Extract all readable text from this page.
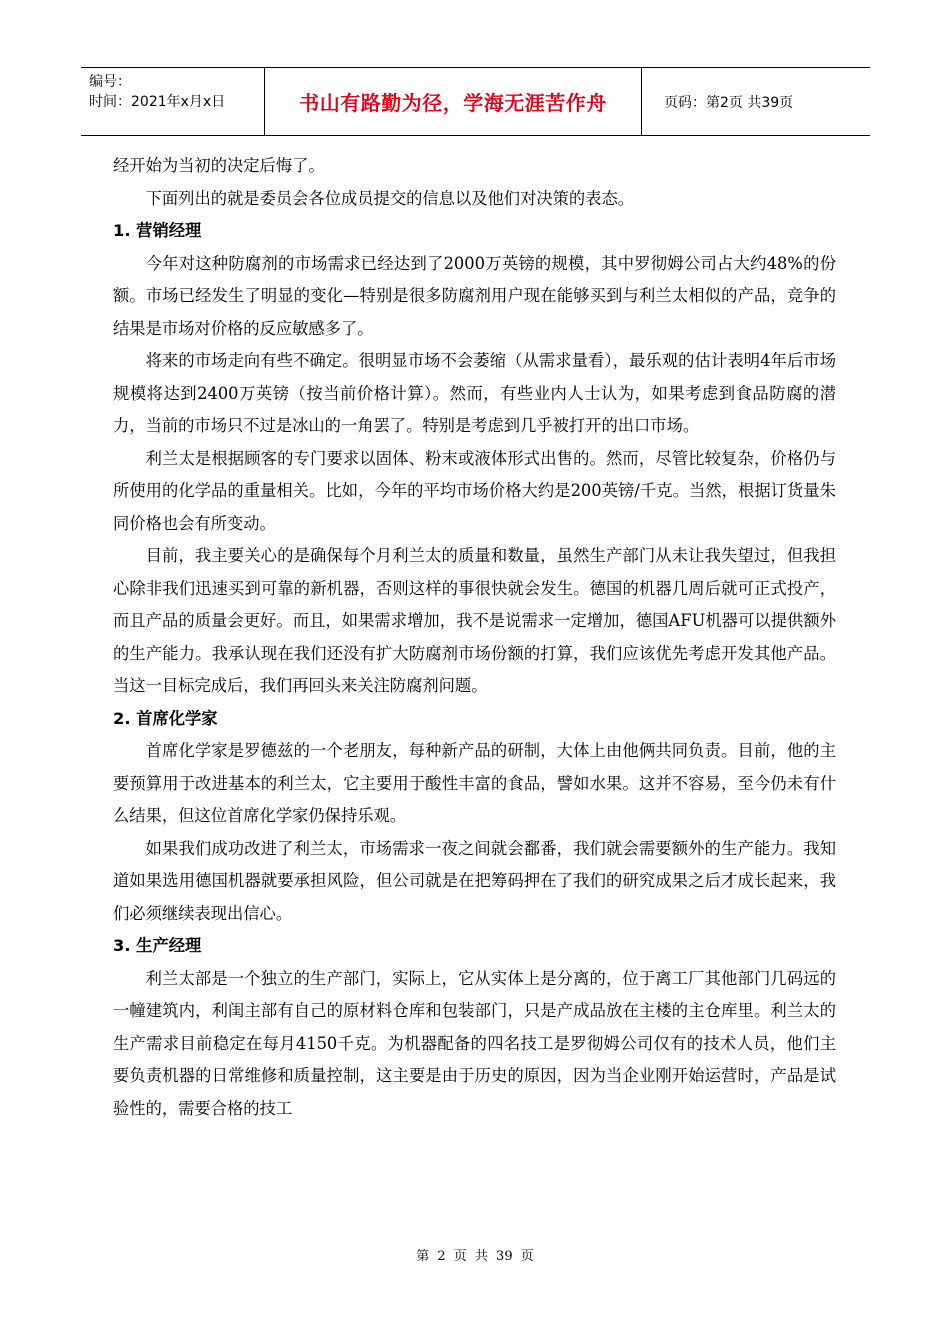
编号：
时间：2021年x月x日	书山有路勤为径，学海无涯苦作舟	页码：第2页 共39页

经开始为当初的决定后悔了。

下面列出的就是委员会各位成员提交的信息以及他们对决策的表态。

1. 营销经理

今年对这种防腐剂的市场需求已经达到了2000万英镑的规模，其中罗彻姆公司占大约48%的份额。市场已经发生了明显的变化—特别是很多防腐剂用户现在能够买到与利兰太相似的产品，竞争的结果是市场对价格的反应敏感多了。

将来的市场走向有些不确定。很明显市场不会萎缩（从需求量看），最乐观的估计表明4年后市场规模将达到2400万英镑（按当前价格计算）。然而，有些业内人士认为，如果考虑到食品防腐的潜力，当前的市场只不过是冰山的一角罢了。特别是考虑到几乎被打开的出口市场。

利兰太是根据顾客的专门要求以固体、粉末或液体形式出售的。然而，尽管比较复杂，价格仍与所使用的化学品的重量相关。比如，今年的平均市场价格大约是200英镑/千克。当然，根据订货量朱同价格也会有所变动。

目前，我主要关心的是确保每个月利兰太的质量和数量，虽然生产部门从未让我失望过，但我担心除非我们迅速买到可靠的新机器，否则这样的事很快就会发生。德国的机器几周后就可正式投产，而且产品的质量会更好。而且，如果需求增加，我不是说需求一定增加，德国AFU机器可以提供额外的生产能力。我承认现在我们还没有扩大防腐剂市场份额的打算，我们应该优先考虑开发其他产品。当这一目标完成后，我们再回头来关注防腐剂问题。

2. 首席化学家

首席化学家是罗德兹的一个老朋友，每种新产品的研制，大体上由他俩共同负责。目前，他的主要预算用于改进基本的利兰太，它主要用于酸性丰富的食品，譬如水果。这并不容易，至今仍未有什么结果，但这位首席化学家仍保持乐观。

如果我们成功改进了利兰太，市场需求一夜之间就会鄱番，我们就会需要额外的生产能力。我知道如果选用德国机器就要承担风险，但公司就是在把筹码押在了我们的研究成果之后才成长起来，我们必须继续表现出信心。

3. 生产经理

利兰太部是一个独立的生产部门，实际上，它从实体上是分离的，位于离工厂其他部门几码远的一幢建筑内，利闺主部有自己的原材料仓库和包装部门，只是产成品放在主楼的主仓库里。利兰太的生产需求目前稳定在每月4150千克。为机器配备的四名技工是罗彻姆公司仅有的技术人员，他们主要负责机器的日常维修和质量控制，这主要是由于历史的原因，因为当企业刚开始运营时，产品是试验性的，需要合格的技工

第 2 页 共 39 页
